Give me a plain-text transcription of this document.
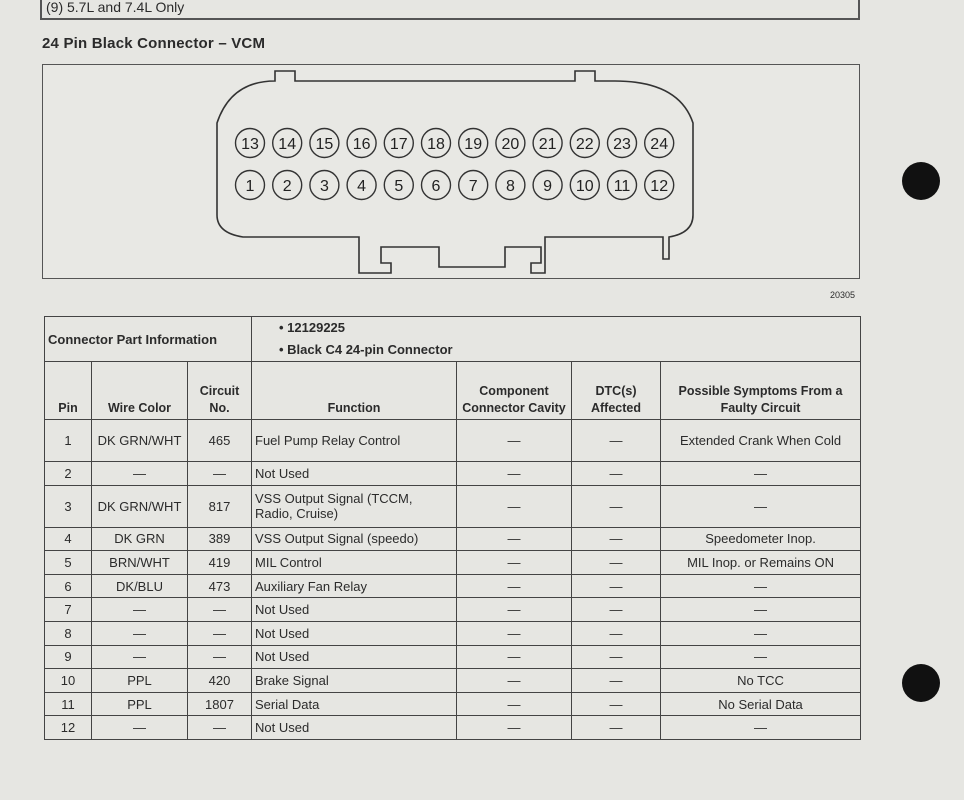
(9) 5.7L and 7.4L Only
24 Pin Black Connector – VCM
13 14 15 16 17 18 19 20 21 22 23 24
1 2 3 4 5 6 7 8 9 10 11 12
20305
Connector Part Information			• 12129225
• Black C4 24-pin Connector			

Pin	Wire Color	Circuit No.	Function	Component Connector Cavity	DTC(s) Affected	Possible Symptoms From a Faulty Circuit
1	DK GRN/WHT	465	Fuel Pump Relay Control	—	—	Extended Crank When Cold
2	—	—	Not Used	—	—	—
3	DK GRN/WHT	817	VSS Output Signal (TCCM, Radio, Cruise)	—	—	—
4	DK GRN	389	VSS Output Signal (speedo)	—	—	Speedometer Inop.
5	BRN/WHT	419	MIL Control	—	—	MIL Inop. or Remains ON
6	DK/BLU	473	Auxiliary Fan Relay	—	—	—
7	—	—	Not Used	—	—	—
8	—	—	Not Used	—	—	—
9	—	—	Not Used	—	—	—
10	PPL	420	Brake Signal	—	—	No TCC
11	PPL	1807	Serial Data	—	—	No Serial Data
12	—	—	Not Used	—	—	—
